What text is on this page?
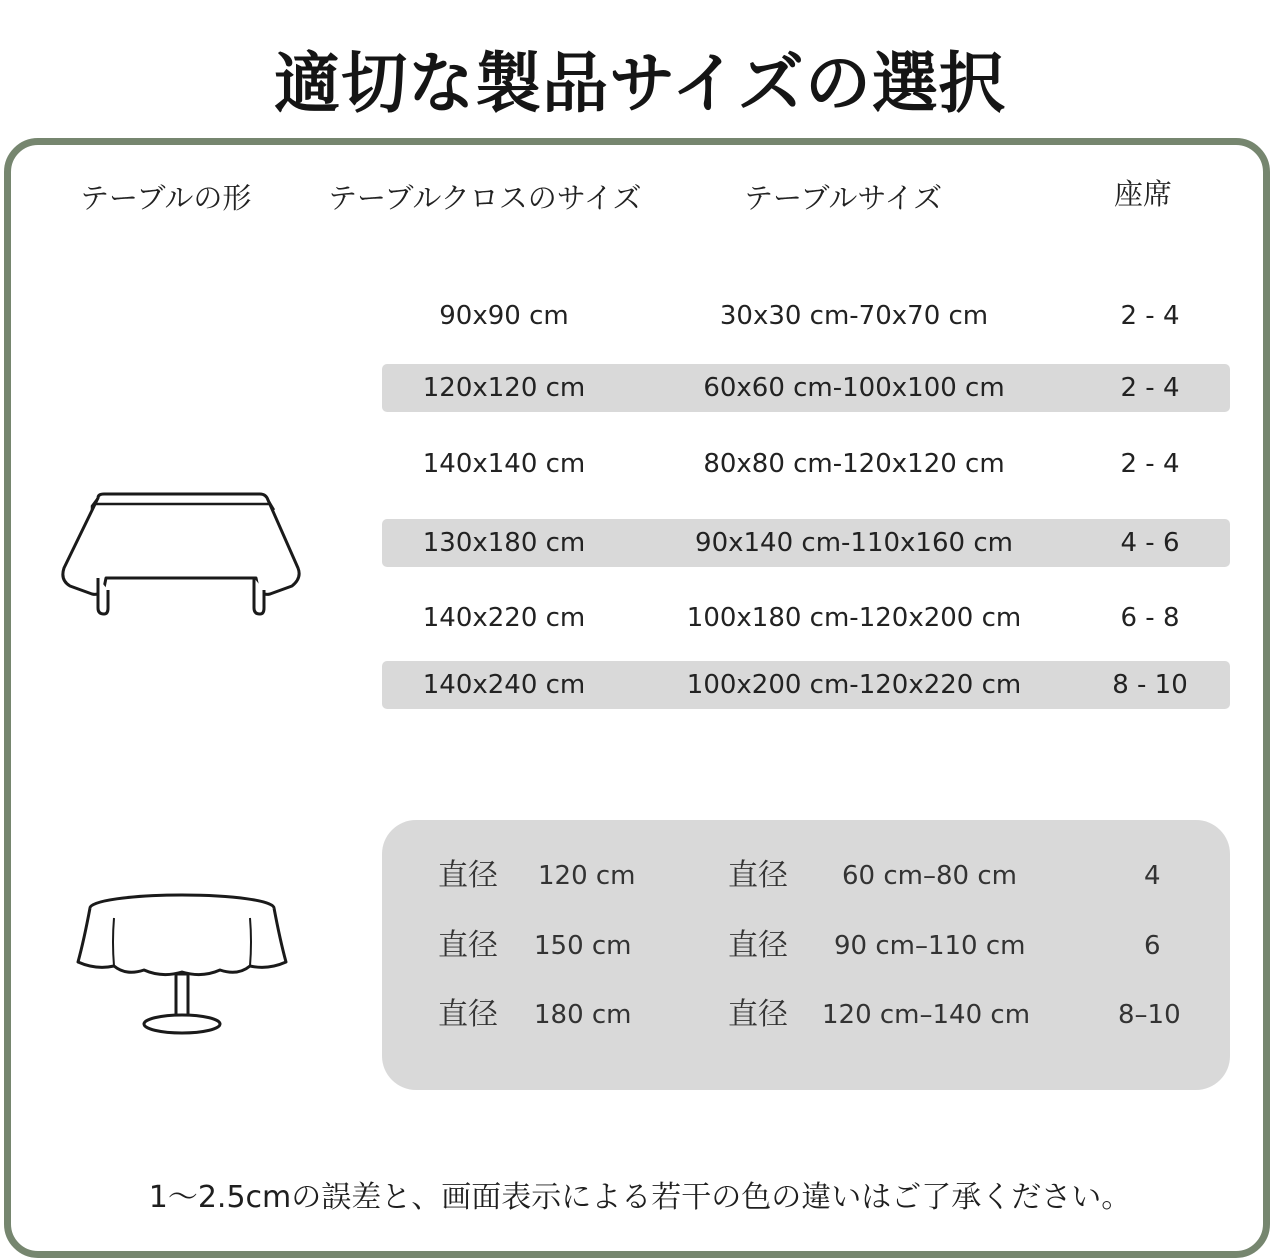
適切な製品サイズの選択
テーブルの形	テーブルクロスのサイズ	テーブルサイズ	座席
90x90 cm	30x30 cm-70x70 cm	2 - 4
120x120 cm	60x60 cm-100x100 cm	2 - 4
140x140 cm	80x80 cm-120x120 cm	2 - 4
130x180 cm	90x140 cm-110x160 cm	4 - 6
140x220 cm	100x180 cm-120x200 cm	6 - 8
140x240 cm	100x200 cm-120x220 cm	8 - 10
直径 120 cm	直径 60 cm–80 cm	4
直径 150 cm	直径 90 cm–110 cm	6
直径 180 cm	直径 120 cm–140 cm	8–10
1～2.5cmの誤差と、画面表示による若干の色の違いはご了承ください。
